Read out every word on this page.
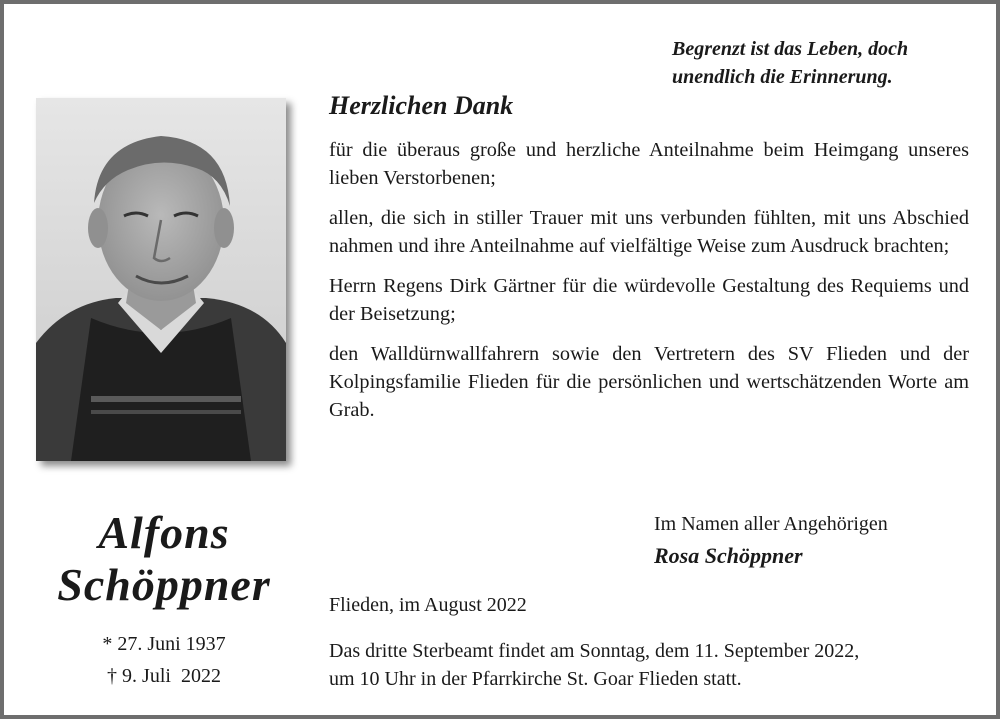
Begrenzt ist das Leben, doch
unendlich die Erinnerung.
Alfons
Schöppner
* 27. Juni 1937
† 9. Juli  2022
Herzlichen Dank

für die überaus große und herzliche Anteilnahme beim Heimgang unseres lieben Verstorbenen;

allen, die sich in stiller Trauer mit uns verbunden fühlten, mit uns Abschied nahmen und ihre Anteilnahme auf vielfältige Weise zum Ausdruck brachten;

Herrn Regens Dirk Gärtner für die würdevolle Gestaltung des Requiems und der Beisetzung;

den Walldürnwallfahrern sowie den Vertretern des SV Flieden und der Kolpingsfamilie Flieden für die persönlichen und wertschätzenden Worte am Grab.

Im Namen aller Angehörigen
Rosa Schöppner
Flieden, im August 2022
Das dritte Sterbeamt findet am Sonntag, dem 11. September 2022,
um 10 Uhr in der Pfarrkirche St. Goar Flieden statt.
